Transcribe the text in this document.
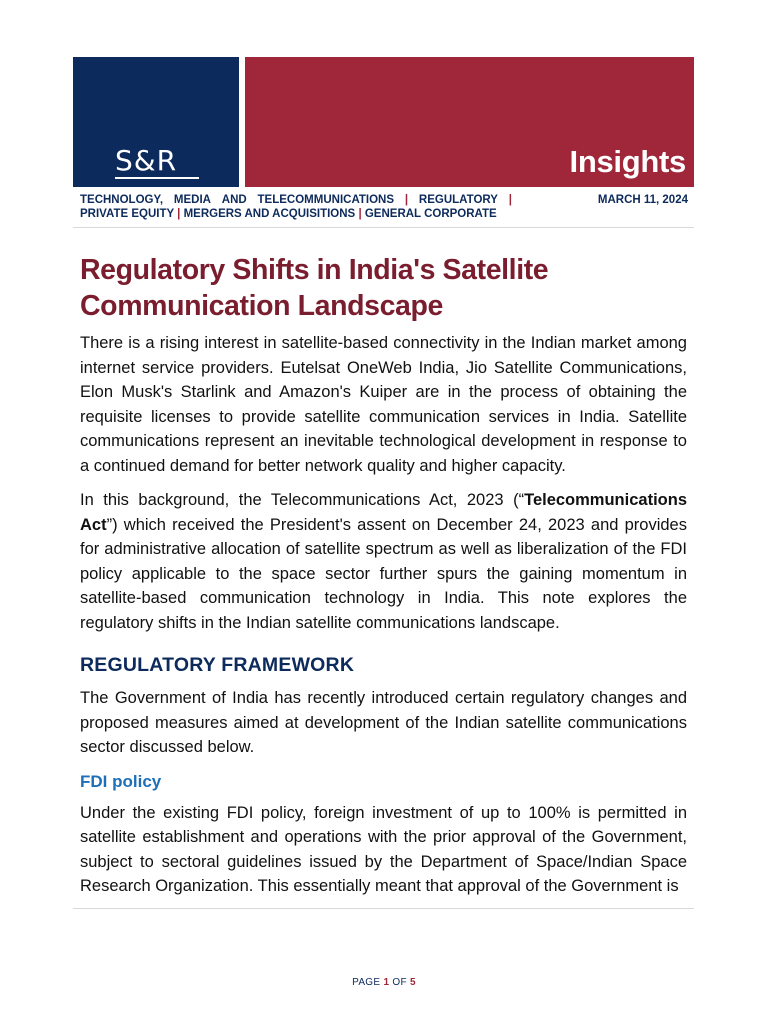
S&R	Insights
TECHNOLOGY, MEDIA AND TELECOMMUNICATIONS | REGULATORY |
PRIVATE EQUITY | MERGERS AND ACQUISITIONS | GENERAL CORPORATE
MARCH 11, 2024
Regulatory Shifts in India's Satellite Communication Landscape

There is a rising interest in satellite-based connectivity in the Indian market among internet service providers. Eutelsat OneWeb India, Jio Satellite Communications, Elon Musk's Starlink and Amazon's Kuiper are in the process of obtaining the requisite licenses to provide satellite communication services in India. Satellite communications represent an inevitable technological development in response to a continued demand for better network quality and higher capacity.

In this background, the Telecommunications Act, 2023 (“Telecommunications Act”) which received the President's assent on December 24, 2023 and provides for administrative allocation of satellite spectrum as well as liberalization of the FDI policy applicable to the space sector further spurs the gaining momentum in satellite-based communication technology in India. This note explores the regulatory shifts in the Indian satellite communications landscape.

REGULATORY FRAMEWORK

The Government of India has recently introduced certain regulatory changes and proposed measures aimed at development of the Indian satellite communications sector discussed below.

FDI policy

Under the existing FDI policy, foreign investment of up to 100% is permitted in satellite establishment and operations with the prior approval of the Government, subject to sectoral guidelines issued by the Department of Space/Indian Space Research Organization. This essentially meant that approval of the Government is

PAGE 1 OF 5
